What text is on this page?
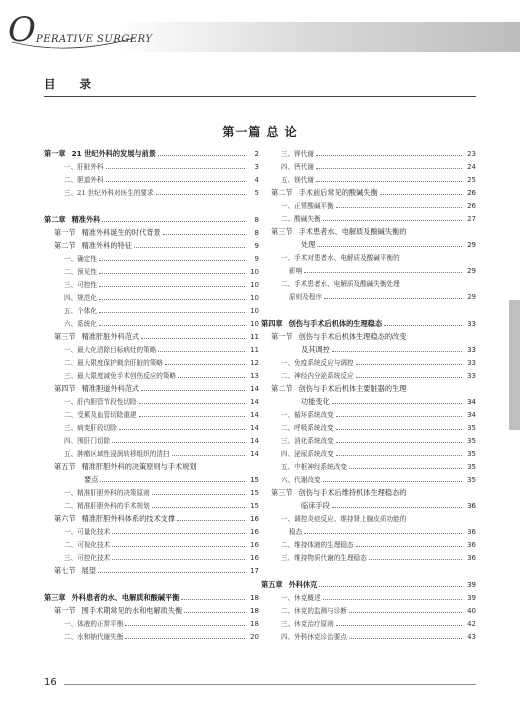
O PERATIVE SURGERY
目 录
第一篇 总 论
第一章 21 世纪外科的发展与前景	2
一、肝脏外科	3
二、胆道外科	4
三、21 世纪外科对医生的要求	5
第二章 精准外科	8
第一节 精准外科诞生的时代背景	8
第二节 精准外科的特征	9
一、确定性	9
二、预见性	10
三、可控性	10
四、规范化	10
五、个体化	10
六、系统化	10
第三节 精准肝脏外科范式	11
一、最大化清除目标病灶的策略	11
二、最大限度保护剩余肝脏的策略	12
三、最大限度减免手术创伤反应的策略	13
第四节 精准胆道外科范式	14
一、肝内胆管节段性切除	14
二、受累及血管切除重建	14
三、病变肝段切除	14
四、围肝门切除	14
五、肿瘤区域性浸润转移组织的清扫	14
第五节 精准肝胆外科的决策原则与手术规划
要点	15
一、精准肝胆外科的决策原则	15
二、精准肝胆外科的手术规划	15
第六节 精准肝胆外科体系的技术支撑	16
一、可量化技术	16
二、可视化技术	16
三、可控化技术	16
第七节 展望	17
第三章 外科患者的水、电解质和酸碱平衡	18
第一节 围手术期常见的水和电解质失衡	18
一、体液的正常平衡	18
二、水和钠代谢失衡	20
三、钾代谢	23
四、钙代谢	24
五、镁代谢	25
第二节 手术前后常见的酸碱失衡	26
一、正常酸碱平衡	26
二、酸碱失衡	27
第三节 手术患者水、电解质及酸碱失衡的
处理	29
一、手术对患者水、电解质及酸碱平衡的
影响	29
二、手术患者水、电解质及酸碱失衡处理
原则及程序	29
第四章 创伤与手术后机体的生理稳态	33
第一节 创伤与手术后机体生理稳态的改变
及其调控	33
一、免疫系统反应与调控	33
二、神经内分泌系统反应	33
第二节 创伤与手术后机体主要脏器的生理
功能变化	34
一、循环系统改变	34
二、呼吸系统改变	35
三、消化系统改变	35
四、泌尿系统改变	35
五、中枢神经系统改变	35
六、代谢改变	35
第三节 创伤与手术后维持机体生理稳态的
临床手段	36
一、调控炎症反应、维持肾上腺皮质功能的
稳态	36
二、维持体液的生理稳态	36
三、维持物质代谢的生理稳态	36
第五章 外科休克	39
一、休克概述	39
二、休克的监测与诊断	40
三、休克治疗原则	42
四、外科休克诊治要点	43
16
